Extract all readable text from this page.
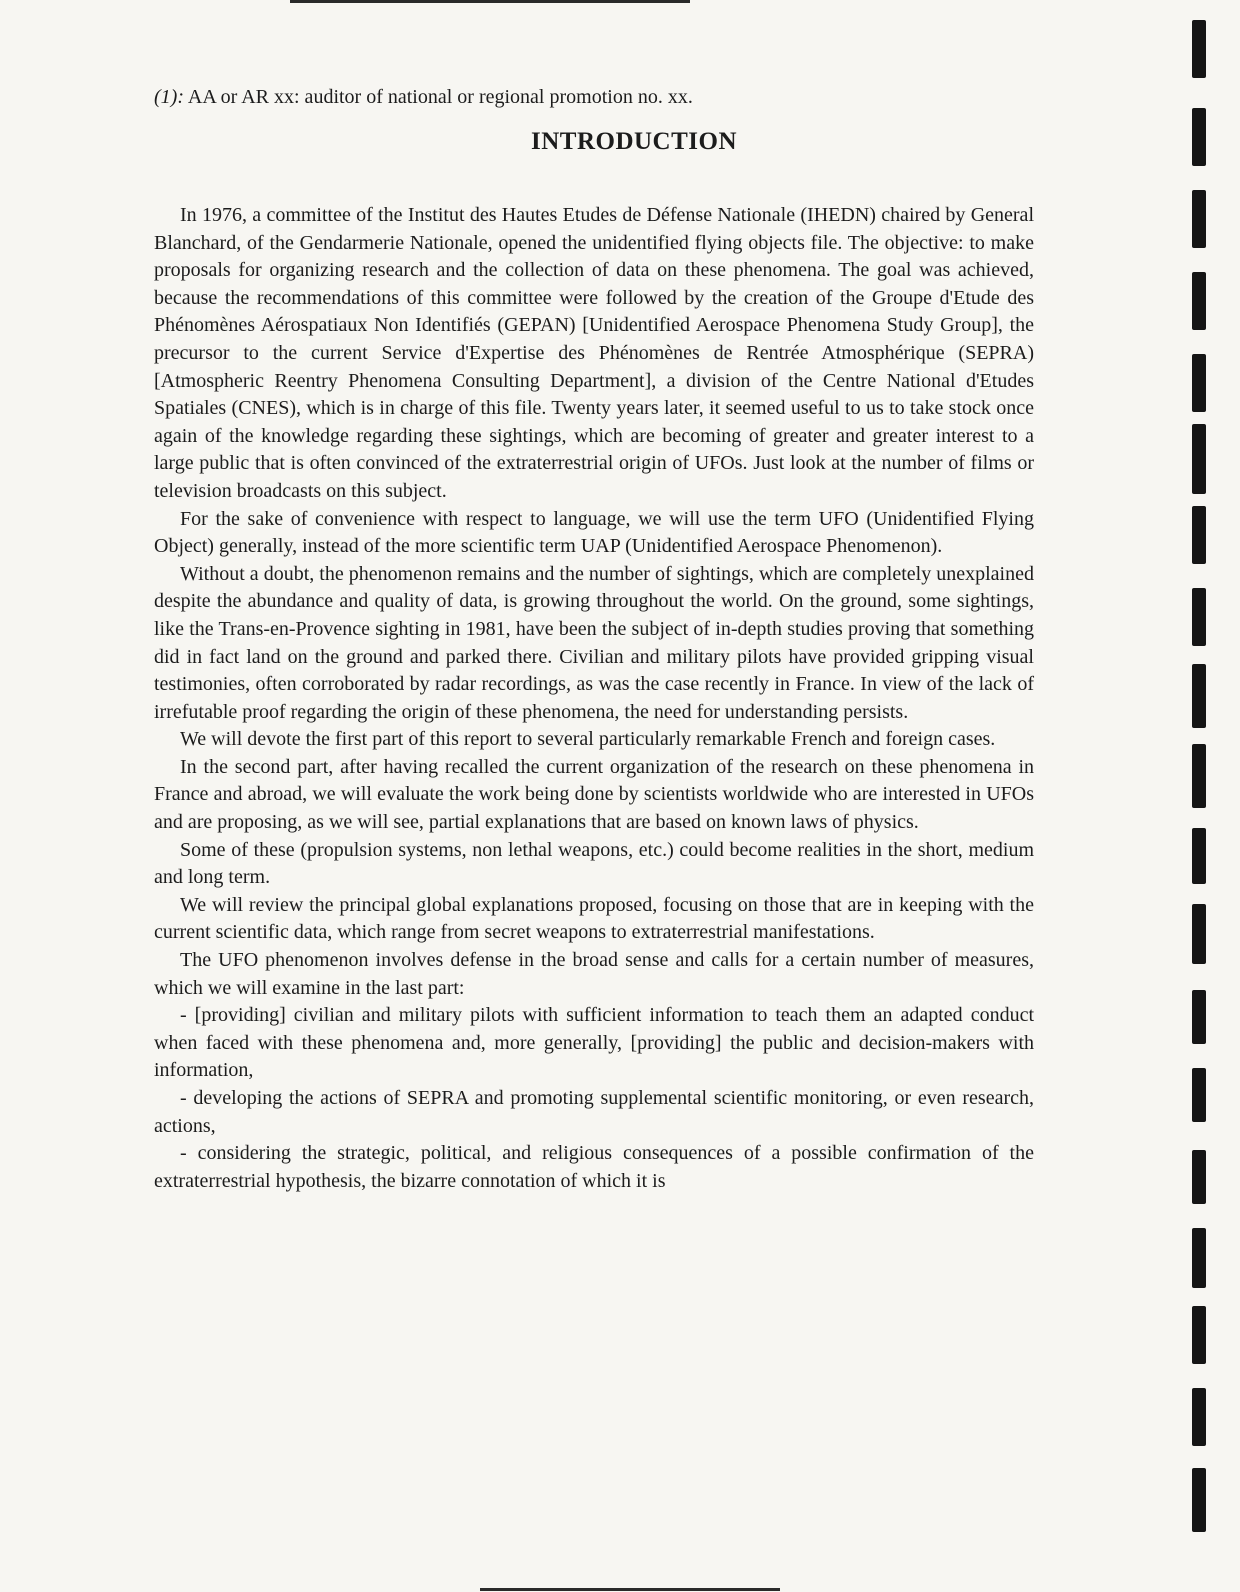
(1): AA or AR xx: auditor of national or regional promotion no. xx.

INTRODUCTION

In 1976, a committee of the Institut des Hautes Etudes de Défense Nationale (IHEDN) chaired by General Blanchard, of the Gendarmerie Nationale, opened the unidentified flying objects file. The objective: to make proposals for organizing research and the collection of data on these phenomena. The goal was achieved, because the recommendations of this committee were followed by the creation of the Groupe d'Etude des Phénomènes Aérospatiaux Non Identifiés (GEPAN) [Unidentified Aerospace Phenomena Study Group], the precursor to the current Service d'Expertise des Phénomènes de Rentrée Atmosphérique (SEPRA) [Atmospheric Reentry Phenomena Consulting Department], a division of the Centre National d'Etudes Spatiales (CNES), which is in charge of this file. Twenty years later, it seemed useful to us to take stock once again of the knowledge regarding these sightings, which are becoming of greater and greater interest to a large public that is often convinced of the extraterrestrial origin of UFOs. Just look at the number of films or television broadcasts on this subject.

For the sake of convenience with respect to language, we will use the term UFO (Unidentified Flying Object) generally, instead of the more scientific term UAP (Unidentified Aerospace Phenomenon).

Without a doubt, the phenomenon remains and the number of sightings, which are completely unexplained despite the abundance and quality of data, is growing throughout the world. On the ground, some sightings, like the Trans-en-Provence sighting in 1981, have been the subject of in-depth studies proving that something did in fact land on the ground and parked there. Civilian and military pilots have provided gripping visual testimonies, often corroborated by radar recordings, as was the case recently in France. In view of the lack of irrefutable proof regarding the origin of these phenomena, the need for understanding persists.

We will devote the first part of this report to several particularly remarkable French and foreign cases.

In the second part, after having recalled the current organization of the research on these phenomena in France and abroad, we will evaluate the work being done by scientists worldwide who are interested in UFOs and are proposing, as we will see, partial explanations that are based on known laws of physics.

Some of these (propulsion systems, non lethal weapons, etc.) could become realities in the short, medium and long term.

We will review the principal global explanations proposed, focusing on those that are in keeping with the current scientific data, which range from secret weapons to extraterrestrial manifestations.

The UFO phenomenon involves defense in the broad sense and calls for a certain number of measures, which we will examine in the last part:

- [providing] civilian and military pilots with sufficient information to teach them an adapted conduct when faced with these phenomena and, more generally, [providing] the public and decision-makers with information,

- developing the actions of SEPRA and promoting supplemental scientific monitoring, or even research, actions,

- considering the strategic, political, and religious consequences of a possible confirmation of the extraterrestrial hypothesis, the bizarre connotation of which it is
